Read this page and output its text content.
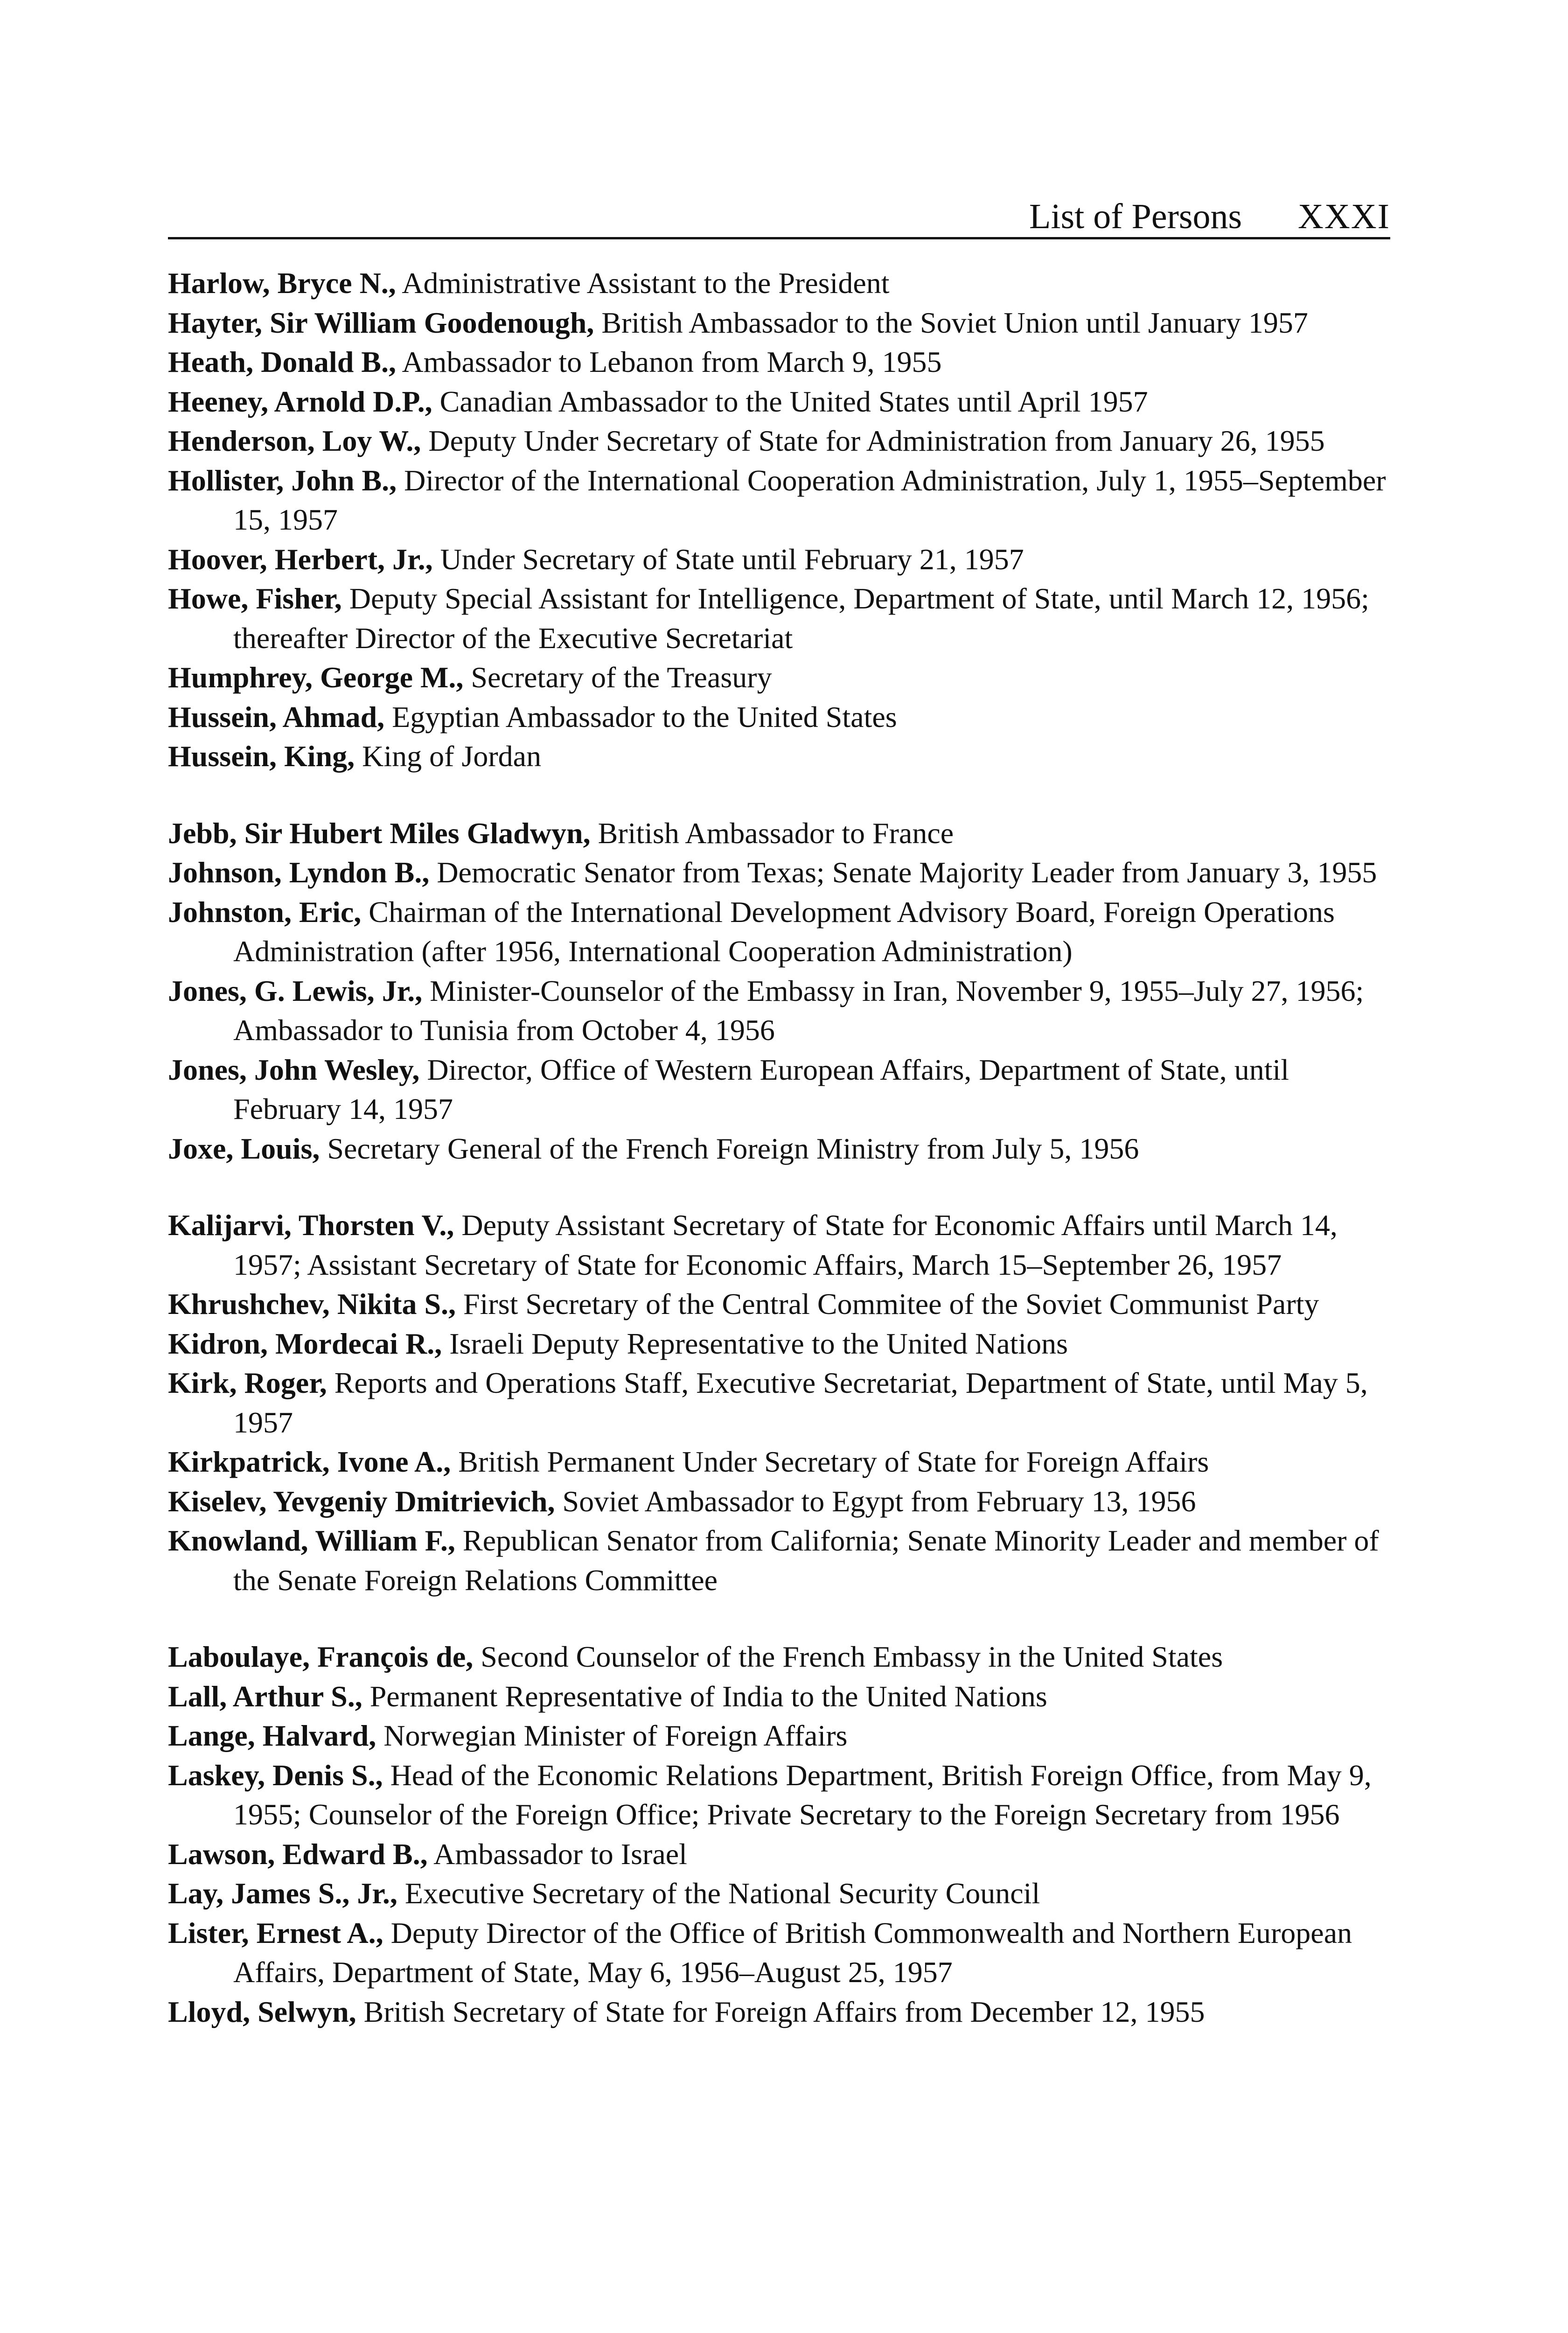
List of Persons XXXI

Harlow, Bryce N., Administrative Assistant to the President

Hayter, Sir William Goodenough, British Ambassador to the Soviet Union until January 1957

Heath, Donald B., Ambassador to Lebanon from March 9, 1955

Heeney, Arnold D.P., Canadian Ambassador to the United States until April 1957

Henderson, Loy W., Deputy Under Secretary of State for Administration from January 26, 1955

Hollister, John B., Director of the International Cooperation Administration, July 1, 1955–September 15, 1957

Hoover, Herbert, Jr., Under Secretary of State until February 21, 1957

Howe, Fisher, Deputy Special Assistant for Intelligence, Department of State, until March 12, 1956; thereafter Director of the Executive Secretariat

Humphrey, George M., Secretary of the Treasury

Hussein, Ahmad, Egyptian Ambassador to the United States

Hussein, King, King of Jordan

Jebb, Sir Hubert Miles Gladwyn, British Ambassador to France

Johnson, Lyndon B., Democratic Senator from Texas; Senate Majority Leader from January 3, 1955

Johnston, Eric, Chairman of the International Development Advisory Board, Foreign Operations Administration (after 1956, International Cooperation Administration)

Jones, G. Lewis, Jr., Minister-Counselor of the Embassy in Iran, November 9, 1955–July 27, 1956; Ambassador to Tunisia from October 4, 1956

Jones, John Wesley, Director, Office of Western European Affairs, Department of State, until February 14, 1957

Joxe, Louis, Secretary General of the French Foreign Ministry from July 5, 1956

Kalijarvi, Thorsten V., Deputy Assistant Secretary of State for Economic Affairs until March 14, 1957; Assistant Secretary of State for Economic Affairs, March 15–September 26, 1957

Khrushchev, Nikita S., First Secretary of the Central Commitee of the Soviet Communist Party

Kidron, Mordecai R., Israeli Deputy Representative to the United Nations

Kirk, Roger, Reports and Operations Staff, Executive Secretariat, Department of State, until May 5, 1957

Kirkpatrick, Ivone A., British Permanent Under Secretary of State for Foreign Affairs

Kiselev, Yevgeniy Dmitrievich, Soviet Ambassador to Egypt from February 13, 1956

Knowland, William F., Republican Senator from California; Senate Minority Leader and member of the Senate Foreign Relations Committee

Laboulaye, François de, Second Counselor of the French Embassy in the United States

Lall, Arthur S., Permanent Representative of India to the United Nations

Lange, Halvard, Norwegian Minister of Foreign Affairs

Laskey, Denis S., Head of the Economic Relations Department, British Foreign Office, from May 9, 1955; Counselor of the Foreign Office; Private Secretary to the Foreign Secretary from 1956

Lawson, Edward B., Ambassador to Israel

Lay, James S., Jr., Executive Secretary of the National Security Council

Lister, Ernest A., Deputy Director of the Office of British Commonwealth and Northern European Affairs, Department of State, May 6, 1956–August 25, 1957

Lloyd, Selwyn, British Secretary of State for Foreign Affairs from December 12, 1955
